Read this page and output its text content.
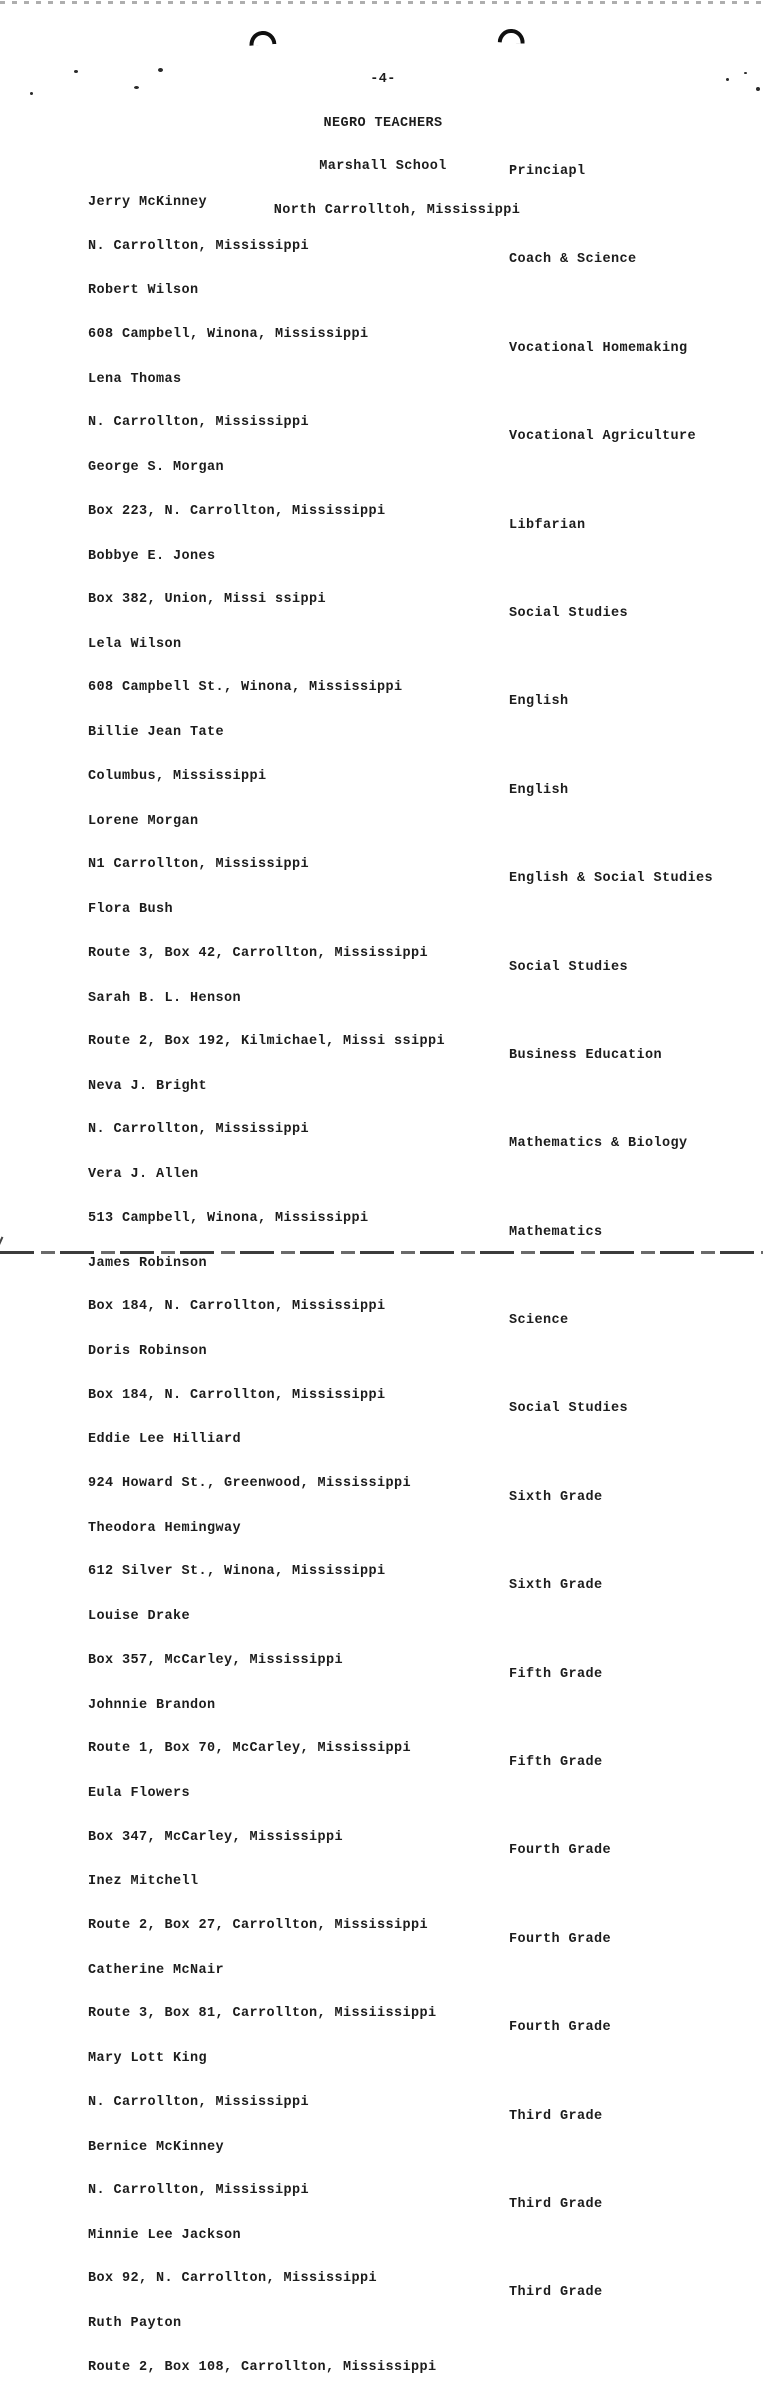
-4-

NEGRO TEACHERS

Marshall School

North Carrolltoh, Mississippi

Jerry McKinney

N. Carrollton, Mississippi

Princiapl

Robert Wilson

608 Campbell, Winona, Mississippi

Coach & Science

Lena Thomas

N. Carrollton, Mississippi

Vocational Homemaking

George S. Morgan

Box 223, N. Carrollton, Mississippi

Vocational Agriculture

Bobbye E. Jones

Box 382, Union, Missi ssippi

Libfarian

Lela Wilson

608 Campbell St., Winona, Mississippi

Social Studies

Billie Jean Tate

Columbus, Mississippi

English

Lorene Morgan

N1 Carrollton, Mississippi

English

Flora Bush

Route 3, Box 42, Carrollton, Mississippi

English & Social Studies

Sarah B. L. Henson

Route 2, Box 192, Kilmichael, Missi ssippi

Social Studies

Neva J. Bright

N. Carrollton, Mississippi

Business Education

Vera J. Allen

513 Campbell, Winona, Mississippi

Mathematics & Biology

James Robinson

Box 184, N. Carrollton, Mississippi

Mathematics

Doris Robinson

Box 184, N. Carrollton, Mississippi

Science

Eddie Lee Hilliard

924 Howard St., Greenwood, Mississippi

Social Studies

Theodora Hemingway

612 Silver St., Winona, Mississippi

Sixth Grade

Louise Drake

Box 357, McCarley, Mississippi

Sixth Grade

Johnnie Brandon

Route 1, Box 70, McCarley, Mississippi

Fifth Grade

Eula Flowers

Box 347, McCarley, Mississippi

Fifth Grade

Inez Mitchell

Route 2, Box 27, Carrollton, Mississippi

Fourth Grade

Catherine McNair

Route 3, Box 81, Carrollton, Missiissippi

Fourth Grade

Mary Lott King

N. Carrollton, Mississippi

Fourth Grade

Bernice McKinney

N. Carrollton, Mississippi

Third Grade

Minnie Lee Jackson

Box 92, N. Carrollton, Mississippi

Third Grade

Ruth Payton

Route 2, Box 108, Carrollton, Mississippi

Third Grade
